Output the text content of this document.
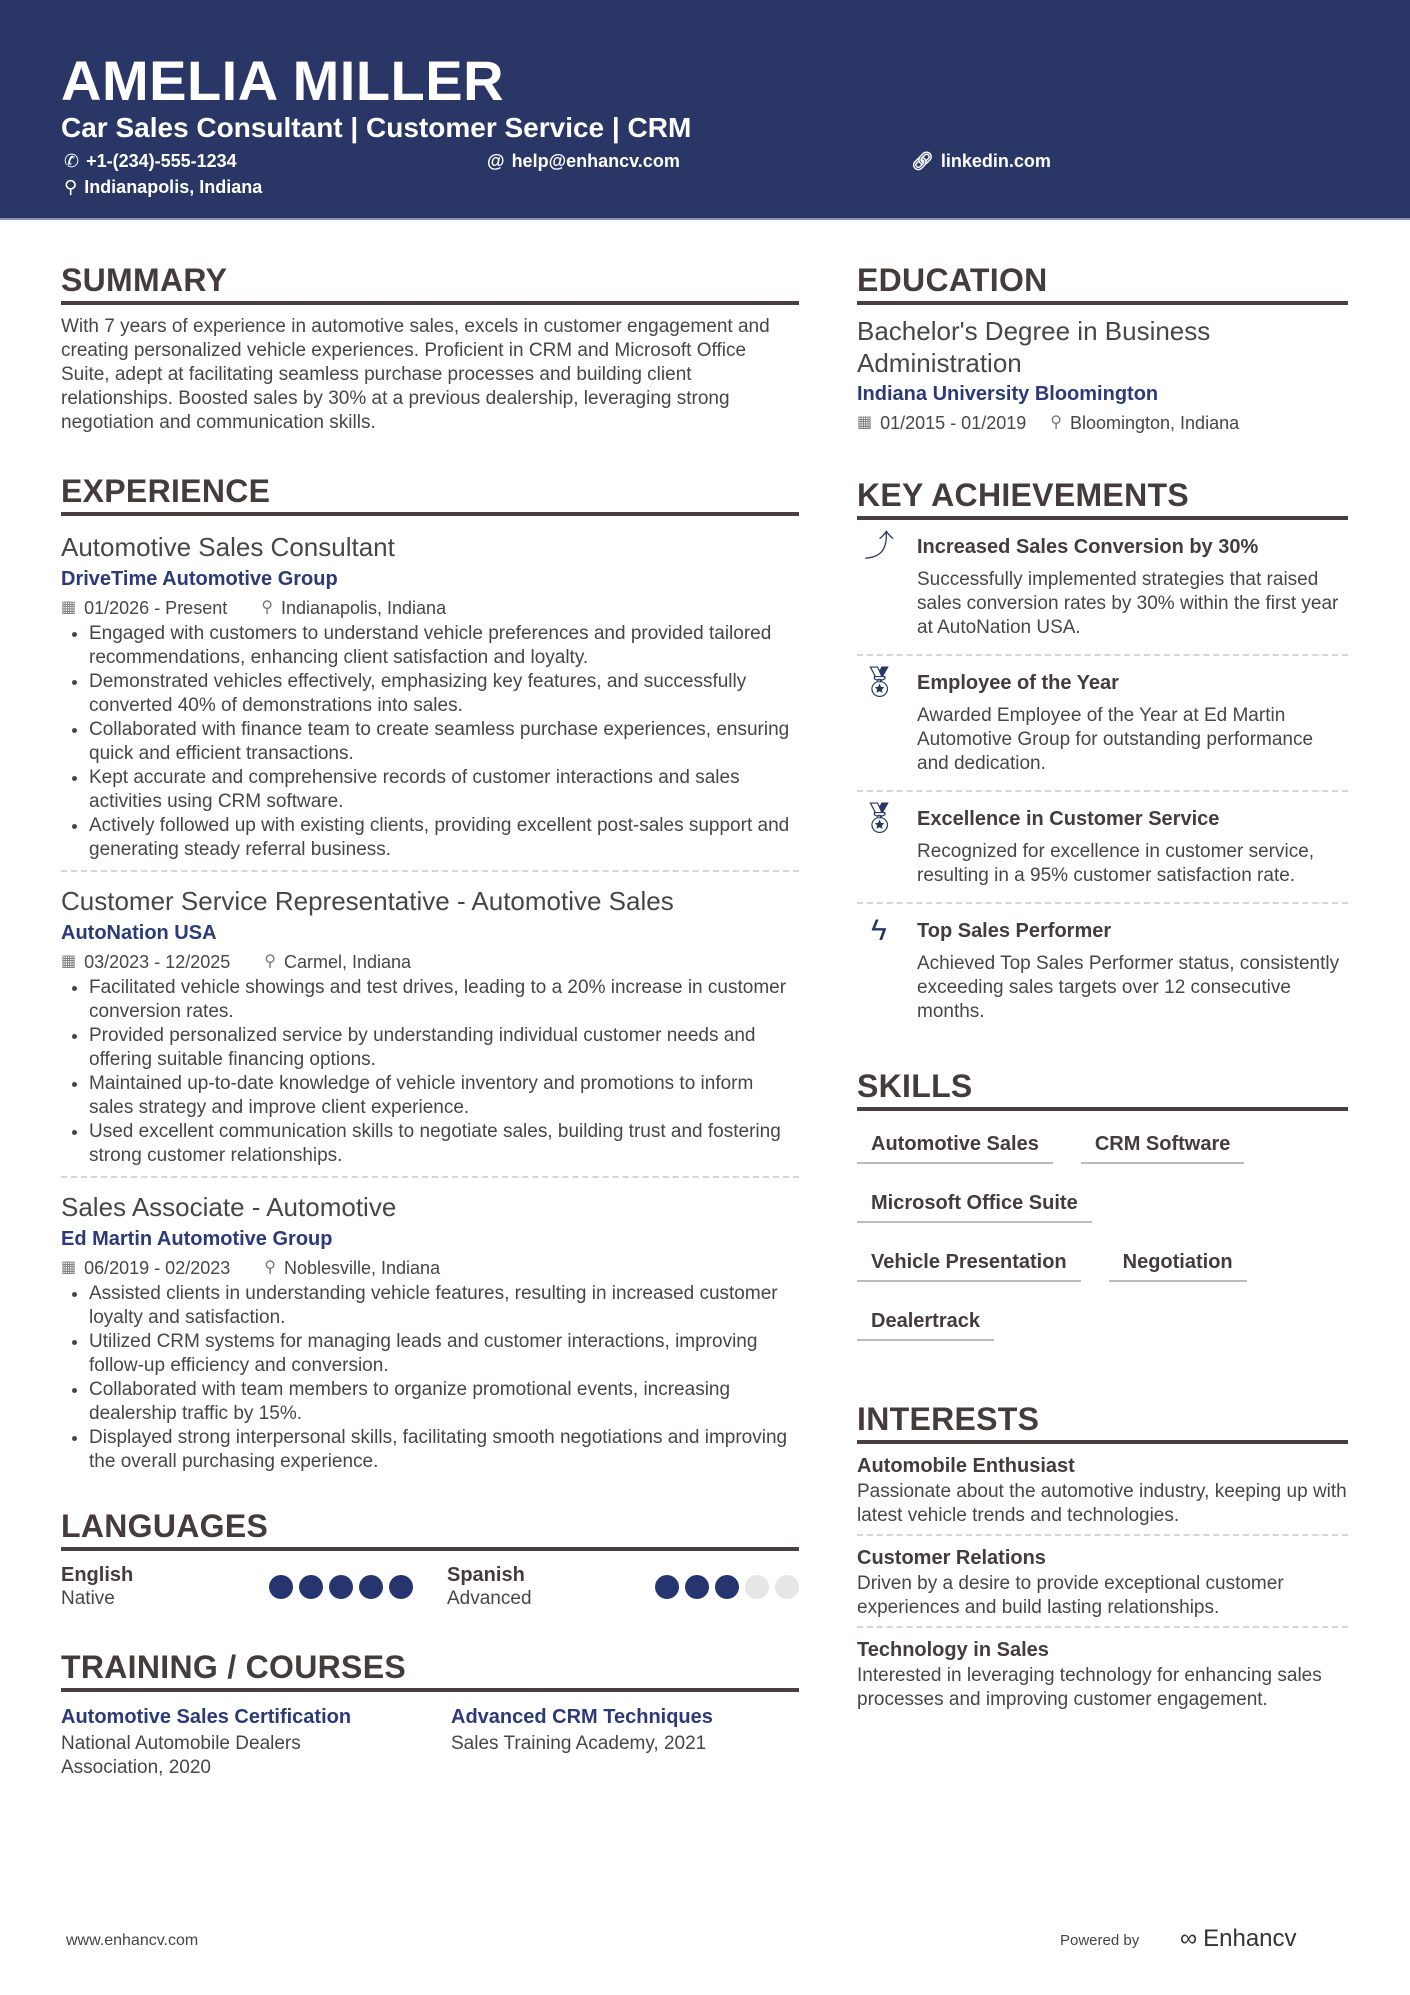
AMELIA MILLER
Car Sales Consultant | Customer Service | CRM
✆ +1-(234)-555-1234	@ help@enhancv.com	🔗︎ linkedin.com
⚲ Indianapolis, Indiana
SUMMARY
With 7 years of experience in automotive sales, excels in customer engagement and creating personalized vehicle experiences. Proficient in CRM and Microsoft Office Suite, adept at facilitating seamless purchase processes and building client relationships. Boosted sales by 30% at a previous dealership, leveraging strong negotiation and communication skills.
EXPERIENCE
Automotive Sales Consultant
DriveTime Automotive Group
▦ 01/2026 - Present ⚲ Indianapolis, Indiana
• Engaged with customers to understand vehicle preferences and provided tailored recommendations, enhancing client satisfaction and loyalty.
• Demonstrated vehicles effectively, emphasizing key features, and successfully converted 40% of demonstrations into sales.
• Collaborated with finance team to create seamless purchase experiences, ensuring quick and efficient transactions.
• Kept accurate and comprehensive records of customer interactions and sales activities using CRM software.
• Actively followed up with existing clients, providing excellent post-sales support and generating steady referral business.
Customer Service Representative - Automotive Sales
AutoNation USA
▦ 03/2023 - 12/2025 ⚲ Carmel, Indiana
• Facilitated vehicle showings and test drives, leading to a 20% increase in customer conversion rates.
• Provided personalized service by understanding individual customer needs and offering suitable financing options.
• Maintained up-to-date knowledge of vehicle inventory and promotions to inform sales strategy and improve client experience.
• Used excellent communication skills to negotiate sales, building trust and fostering strong customer relationships.
Sales Associate - Automotive
Ed Martin Automotive Group
▦ 06/2019 - 02/2023 ⚲ Noblesville, Indiana
• Assisted clients in understanding vehicle features, resulting in increased customer loyalty and satisfaction.
• Utilized CRM systems for managing leads and customer interactions, improving follow-up efficiency and conversion.
• Collaborated with team members to organize promotional events, increasing dealership traffic by 15%.
• Displayed strong interpersonal skills, facilitating smooth negotiations and improving the overall purchasing experience.
LANGUAGES
English
Native
Spanish
Advanced
TRAINING / COURSES
Automotive Sales Certification
National Automobile Dealers Association, 2020
Advanced CRM Techniques
Sales Training Academy, 2021
EDUCATION
Bachelor's Degree in Business Administration
Indiana University Bloomington
▦ 01/2015 - 01/2019 ⚲ Bloomington, Indiana
KEY ACHIEVEMENTS
⤴	Increased Sales Conversion by 30%
Successfully implemented strategies that raised sales conversion rates by 30% within the first year at AutoNation USA.
🏅︎ Employee of the Year
Awarded Employee of the Year at Ed Martin Automotive Group for outstanding performance and dedication.
🏅︎ Excellence in Customer Service
Recognized for excellence in customer service, resulting in a 95% customer satisfaction rate.
ϟ	Top Sales Performer
Achieved Top Sales Performer status, consistently exceeding sales targets over 12 consecutive months.
SKILLS
Automotive Sales	CRM Software
Microsoft Office Suite
Vehicle Presentation	Negotiation
Dealertrack
INTERESTS
Automobile Enthusiast
Passionate about the automotive industry, keeping up with latest vehicle trends and technologies.
Customer Relations
Driven by a desire to provide exceptional customer experiences and build lasting relationships.
Technology in Sales
Interested in leveraging technology for enhancing sales processes and improving customer engagement.
www.enhancv.com	Powered by ∞ Enhancv
